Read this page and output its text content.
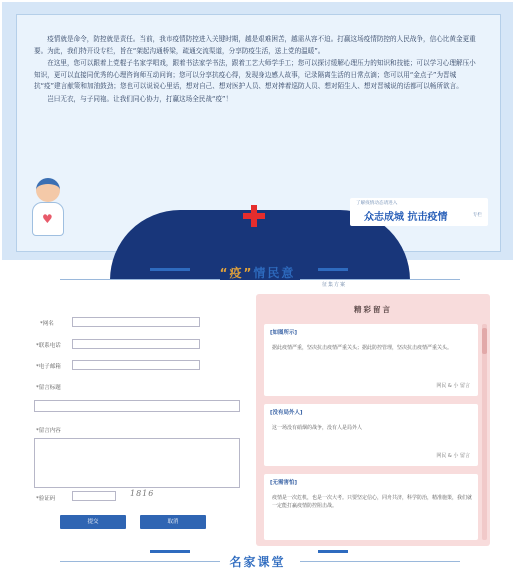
疫情就是命令，防控就是责任。当前，我市疫情防控进入关键时期，越是艰难困苦，越需从容不迫。打赢这场疫情防控的人民战争，信心比黄金更重要。为此，我们特开设专栏，旨在“架起沟通桥梁，疏通交流渠道，分享防疫生活，送上党的温暖”。

在这里，您可以跟着上党棍子名家学唱戏，跟着书法家学书法，跟着工艺大师学手工；您可以探讨缓解心理压力的知识和技能；可以学习心理解压小知识，更可以直接同优秀的心理咨询师互动问询；您可以分享抗疫心得，发现身边感人故事，记录隔离生活的日常点滴；您可以用“金点子”为晋城抗“疫”建言献策和加油鼓劲；您也可以说说心里话，想对自己、想对医护人员、想对捧着巡防人员、想对陌生人、想对晋城说的话都可以畅所欲言。

岂曰无衣，与子同袍。让我们同心协力，打赢这场全民战“疫”！

♥
了解疫情动态请进入
众志成城 抗击疫情	专栏
“疫”情民意
征集方案
*网名
*联系电话
*电子邮箱
*留言标题
*留言内容
*验证码
1816
提交	取消
精彩留言
[如图所示]
据此疫情严重，坚决抗击疫情严重关头；据此防控管理，坚决抗击疫情严重关头。
网民 & 小 留言
[没有局外人]
这一场没有硝烟的战争，没有人是局外人
网民 & 小 留言
[无需害怕]
疫情是一次危机，也是一次大考。只要坚定信心，同舟共济，科学防治，精准施策，我们就一定能打赢疫情防控阻击战。
名家课堂
